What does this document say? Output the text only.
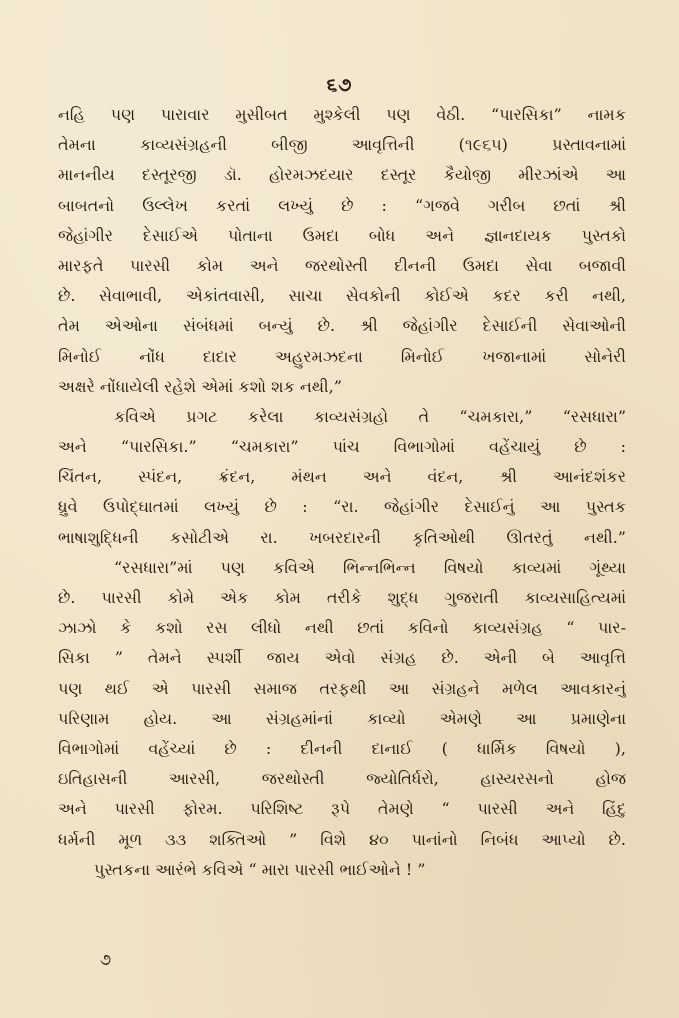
૬૭
નહિ પણ પારાવાર મુસીબત મુશ્કેલી પણ વેઠી. “પારસિકા” નામક
તેમના કાવ્યસંગ્રહની બીજી આવૃત્તિની (૧૯૬૫) પ્રસ્તાવનામાં
માનનીય દસ્તૂરજી ડૉ. હોરમઝદયાર દસ્તૂર કૈયોજી મીરઝાંએ આ
બાબતનો ઉલ્લેખ કરતાં લખ્યું છે : “ગજવે ગરીબ છતાં શ્રી
જેહાંગીર દેસાઈએ પોતાના ઉમદા બોધ અને જ્ઞાનદાયક પુસ્તકો
મારફતે પારસી કોમ અને જરથોસ્તી દીનની ઉમદા સેવા બજાવી
છે. સેવાભાવી, એકાંતવાસી, સાચા સેવકોની કોઈએ કદર કરી નથી,
તેમ એઓના સંબંધમાં બન્યું છે. શ્રી જેહાંગીર દેસાઈની સેવાઓની
મિનોઈ નોંધ દાદાર અહુરમઝદના મિનોઈ ખજાનામાં સોનેરી
અક્ષરે નોંધાયેલી રહેશે એમાં કશો શક નથી,”
કવિએ પ્રગટ કરેલા કાવ્યસંગ્રહો તે “ચમકારા,” “રસધારા”
અને “પારસિકા.” “ચમકારા” પાંચ વિભાગોમાં વહેંચાયું છે :
ચિંતન, સ્પંદન, ક્રંદન, મંથન અને વંદન, શ્રી આનંદશંકર
ધ્રુવે ઉપોદ્ઘાતમાં લખ્યું છે : “રા. જેહાંગીર દેસાઈનું આ પુસ્તક
ભાષાશુદ્ધિની કસોટીએ રા. ખબરદારની કૃતિઓથી ઊતરતું નથી.”
“રસધારા”માં પણ કવિએ ભિન્નભિન્ન વિષયો કાવ્યમાં ગૂંથ્યા
છે. પારસી કોમે એક કોમ તરીકે શુદ્ધ ગુજરાતી કાવ્યસાહિત્યમાં
ઝાઝો કે કશો રસ લીધો નથી છતાં કવિનો કાવ્યસંગ્રહ “ પાર-
સિકા ” તેમને સ્પર્શી જાય એવો સંગ્રહ છે. એની બે આવૃત્તિ
પણ થઈ એ પારસી સમાજ તરફથી આ સંગ્રહને મળેલ આવકારનું
પરિણામ હોય. આ સંગ્રહમાંનાં કાવ્યો એમણે આ પ્રમાણેના
વિભાગોમાં વહેંચ્યાં છે : દીનની દાનાઈ ( ધાર્મિક વિષયો ),
ઇતિહાસની આરસી, જરથોસ્તી જ્યોતિર્ધરો, હાસ્યરસનો હોજ
અને પારસી ફોરમ. પરિશિષ્ટ રૂપે તેમણે “ પારસી અને હિંદુ
ધર્મની મૂળ ૩૩ શક્તિઓ ” વિશે ૪૦ પાનાંનો નિબંધ આપ્યો છે.
પુસ્તકના આરંભે કવિએ “ મારા પારસી ભાઈઓને ! ”
૭
